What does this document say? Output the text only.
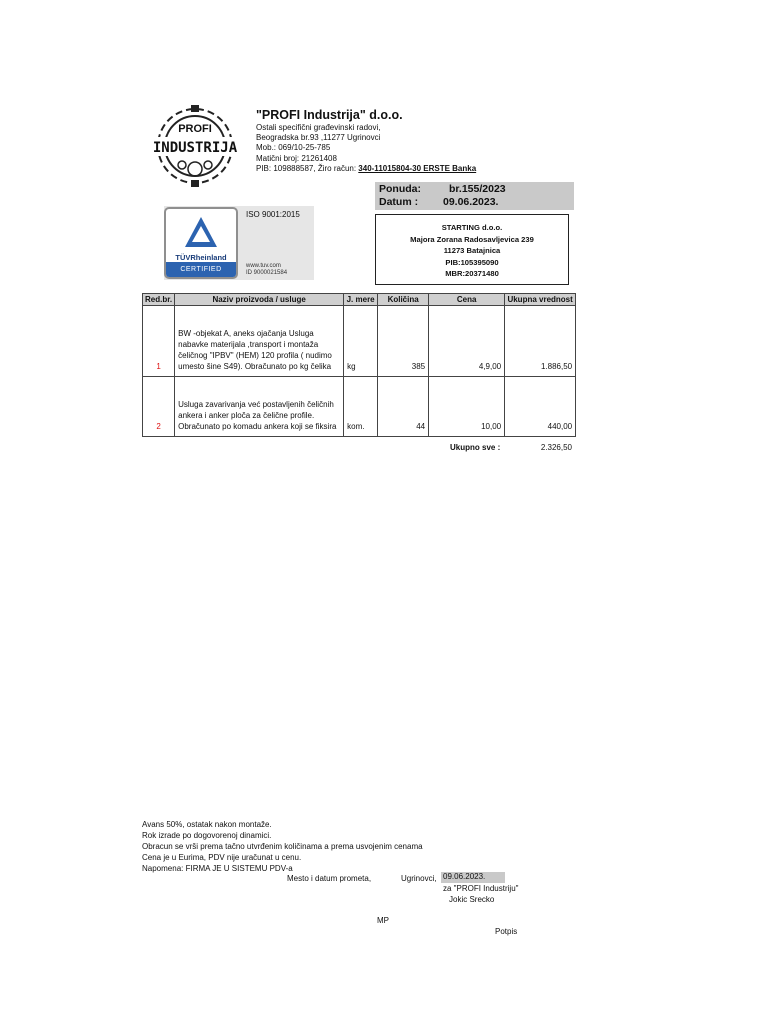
PROFI
INDUSTRIJA
"PROFI Industrija" d.o.o.
Ostali specifični građevinski radovi,
Beogradska br.93 ,11277 Ugrinovci
Mob.: 069/10-25-785
Matični broj: 21261408
PIB: 109888587, Žiro račun: 340-11015804-30 ERSTE Banka
Ponuda:	br.155/2023
Datum : 09.06.2023.
TÜVRheinland
CERTIFIED
ISO 9001:2015
www.tuv.com
ID 9000021584
STARTING d.o.o.
Majora Zorana Radosavljevica 239
11273 Batajnica
PIB:105395090
MBR:20371480
Red.br.	Naziv proizvoda / usluge	J. mere	Količina	Cena	Ukupna vrednost
1	BW -objekat A, aneks ojačanja Usluga nabavke materijala ,transport i montaža čeličnog "IPBV" (HEM) 120 profila ( nudimo umesto šine S49). Obračunato po kg čelika	kg	385	4,9,00	1.886,50
2	Usluga zavarivanja već postavljenih čeličnih ankera i anker ploča za čelične profile. Obračunato po komadu ankera koji se fiksira	kom.	44	10,00	440,00
Ukupno sve :	2.326,50
Avans 50%, ostatak nakon montaže.
Rok izrade po dogovorenoj dinamici.
Obracun se vrši prema tačno utvrđenim količinama a prema usvojenim cenama
Cena je u Eurima, PDV nije uračunat u cenu.
Napomena: FIRMA JE U SISTEMU PDV-a
Mesto i datum prometa,	Ugrinovci, 09.06.2023.
za "PROFI Industriju"
Jokic Srecko
MP
Potpis
